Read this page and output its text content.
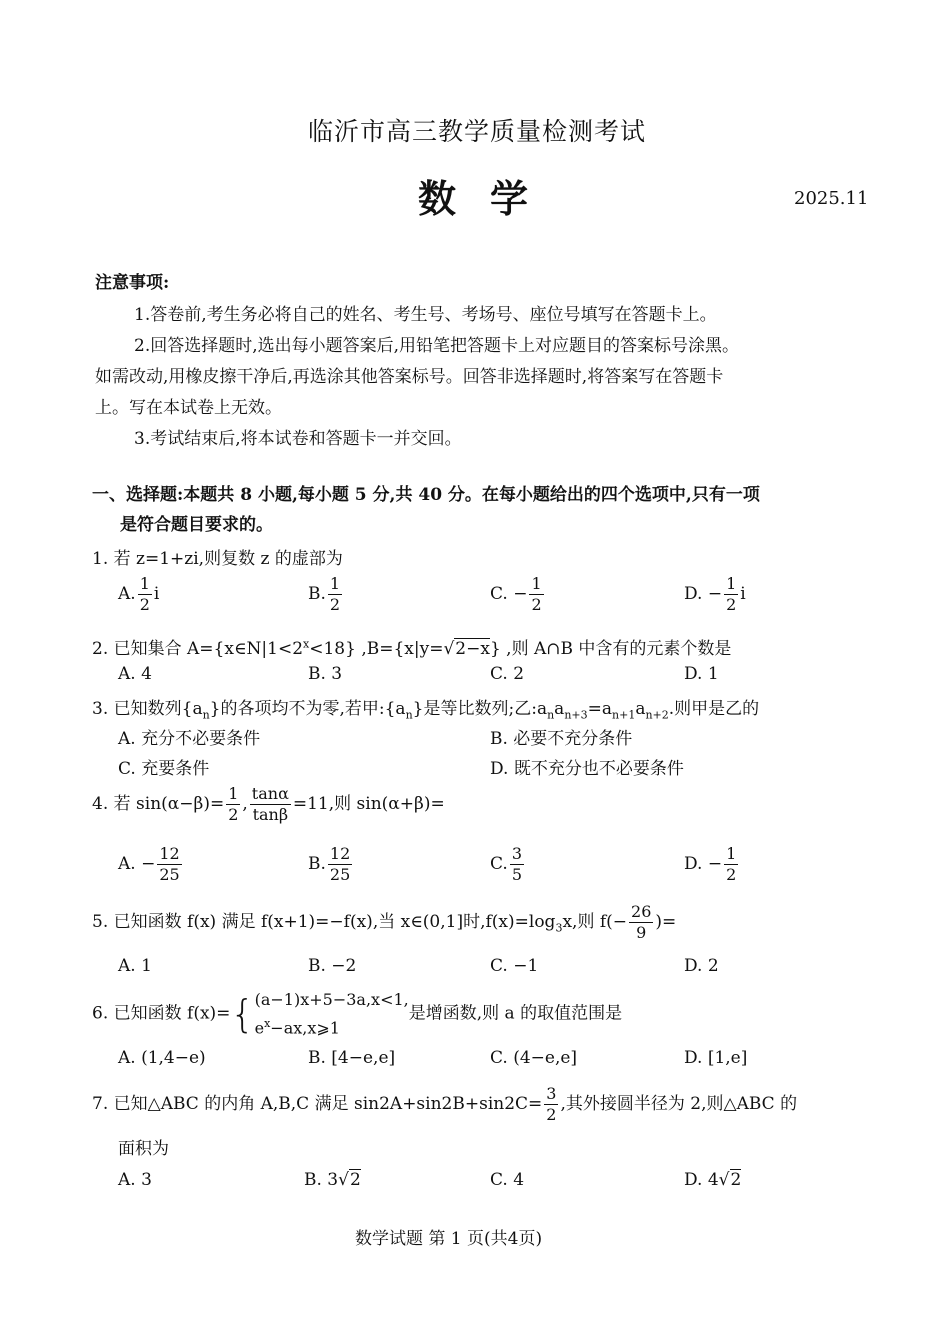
临沂市高三教学质量检测考试
数学	2025.11
注意事项:
1.答卷前,考生务必将自己的姓名、考生号、考场号、座位号填写在答题卡上。
2.回答选择题时,选出每小题答案后,用铅笔把答题卡上对应题目的答案标号涂黑。
如需改动,用橡皮擦干净后,再选涂其他答案标号。回答非选择题时,将答案写在答题卡
上。写在本试卷上无效。
3.考试结束后,将本试卷和答题卡一并交回。
一、选择题:本题共 8 小题,每小题 5 分,共 40 分。在每小题给出的四个选项中,只有一项
是符合题目要求的。
1. 若 z=1+zi,则复数 z 的虚部为
A. $\frac{1}{2}$ i	B. $\frac{1}{2}$	C. − $\frac{1}{2}$	D. − $\frac{1}{2}$ i
2. 已知集合 $A=\{x\in N|1<2^x<18\}$ ,B={x|y=√2−x} ,则 A∩B 中含有的元素个数是
A. 4	B. 3	C. 2	D. 1
3. 已知数列$\{a_n\}$的各项均不为零,若甲$:\{a_n\}$是等比数列;乙$:a_na_{n+3}=a_{n+1}a_{n+2}$.则甲是乙的
A. 充分不必要条件	B. 必要不充分条件
C. 充要条件	D. 既不充分也不必要条件
4. 若 $\sin(\alpha-\beta)= \frac{1}{2}$ , $\frac{\tan\alpha}{\tan\beta} =11$,则 sin(α+β)=
A. − $\frac{12}{25}$	B. $\frac{12}{25}$	C. $\frac{3}{5}$	D. − $\frac{1}{2}$
5. 已知函数 f(x) 满足 f(x+1)=−f(x),当 x∈(0,1]时$,f(x)=\log_3x$,则 $f(- \frac{26}{9}$ )=
A. 1	B. −2	C. −1	D. 2
6. 已知函数 f(x)={ (a−1)x+5−3a,x<1,
$e^x-ax,x⩾1$
是增函数,则 a 的取值范围是
A. (1,4−e)	B. [4−e,e]	C. (4−e,e]	D. [1,e]
7. 已知△ABC 的内角 A,B,C 满足 $\sin 2A+\sin 2B+\sin 2C= \frac{3}{2}$ ,其外接圆半径为 2,则△ABC 的
面积为
A. 3	B. 3√2	C. 4	D. 4√2
数学试题 第 1 页(共4页)
